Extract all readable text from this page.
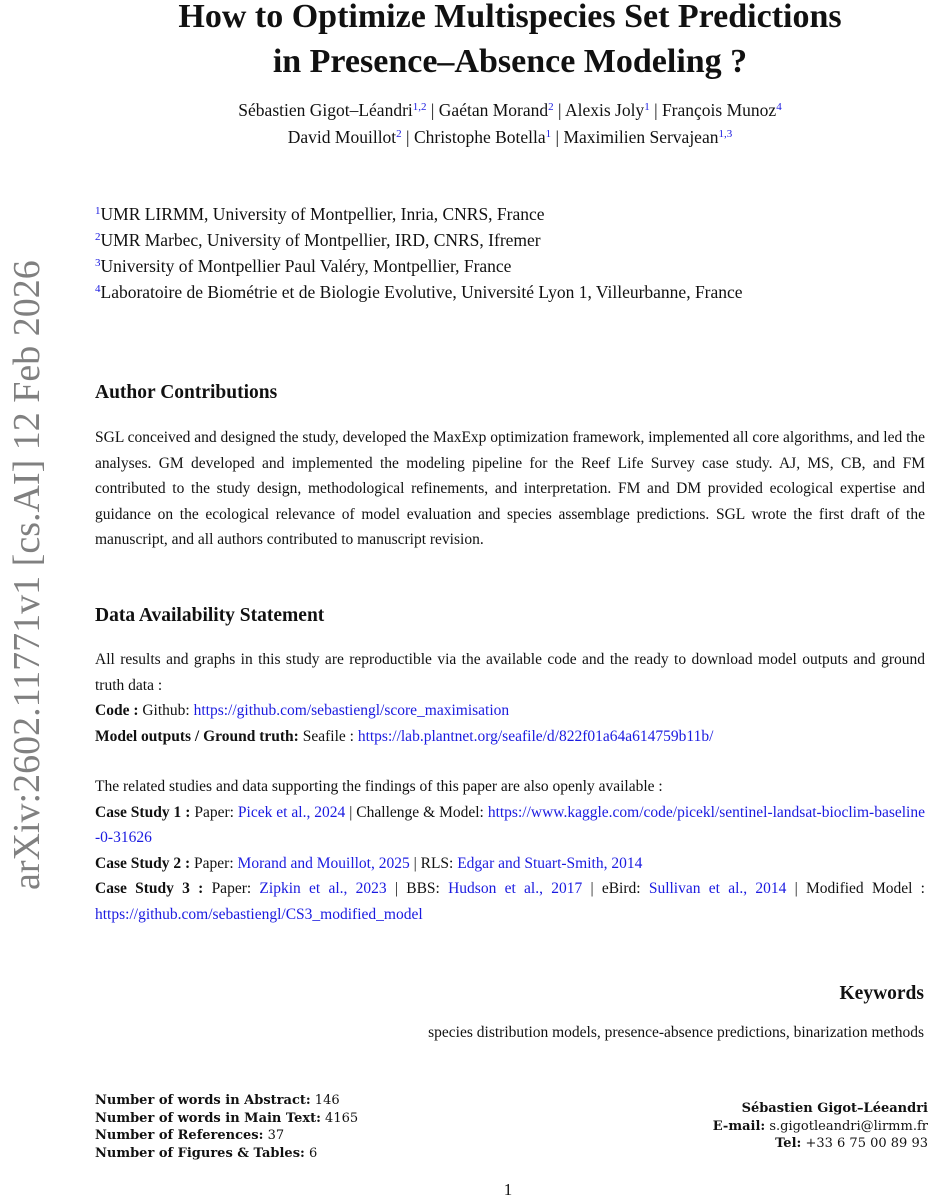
arXiv:2602.11771v1 [cs.AI] 12 Feb 2026
How to Optimize Multispecies Set Predictions
in Presence–Absence Modeling ?
Sébastien Gigot–Léandri$^{1,2}$ | Gaétan Morand$^2$ | Alexis Joly$^1$ | François Munoz$^4$
David Mouillot$^2$ | Christophe Botella$^1$ | Maximilien Servajean$^{1,3}$
$^1$UMR LIRMM, University of Montpellier, Inria, CNRS, France
$^2$UMR Marbec, University of Montpellier, IRD, CNRS, Ifremer
$^3$University of Montpellier Paul Valéry, Montpellier, France
$^4$Laboratoire de Biométrie et de Biologie Evolutive, Université Lyon 1, Villeurbanne, France
Author Contributions
SGL conceived and designed the study, developed the MaxExp optimization framework, implemented all core algorithms, and led the analyses. GM developed and implemented the modeling pipeline for the Reef Life Survey case study. AJ, MS, CB, and FM contributed to the study design, methodological refinements, and interpretation. FM and DM provided ecological expertise and guidance on the ecological relevance of model evaluation and species assemblage predictions. SGL wrote the first draft of the manuscript, and all authors contributed to manuscript revision.
Data Availability Statement
All results and graphs in this study are reproductible via the available code and the ready to download model outputs and ground truth data :
Code : Github: https://github.com/sebastiengl/score_maximisation
Model outputs / Ground truth: Seafile : https://lab.plantnet.org/seafile/d/822f01a64a614759b11b/
The related studies and data supporting the findings of this paper are also openly available :
Case Study 1 : Paper: Picek et al., 2024 | Challenge & Model: https://www.kaggle.com/code/picekl/sentinel-landsat-bioclim-baseline-0-31626
Case Study 2 : Paper: Morand and Mouillot, 2025 | RLS: Edgar and Stuart-Smith, 2014
Case Study 3 : Paper: Zipkin et al., 2023 | BBS: Hudson et al., 2017 | eBird: Sullivan et al., 2014 | Modified Model : https://github.com/sebastiengl/CS3_modified_model
Keywords
species distribution models, presence-absence predictions, binarization methods
Number of words in Abstract: 146
Number of words in Main Text: 4165
Number of References: 37
Number of Figures & Tables: 6
Sébastien Gigot–Léeandri
E-mail: s.gigotleandri@lirmm.fr
Tel: +33 6 75 00 89 93
1
